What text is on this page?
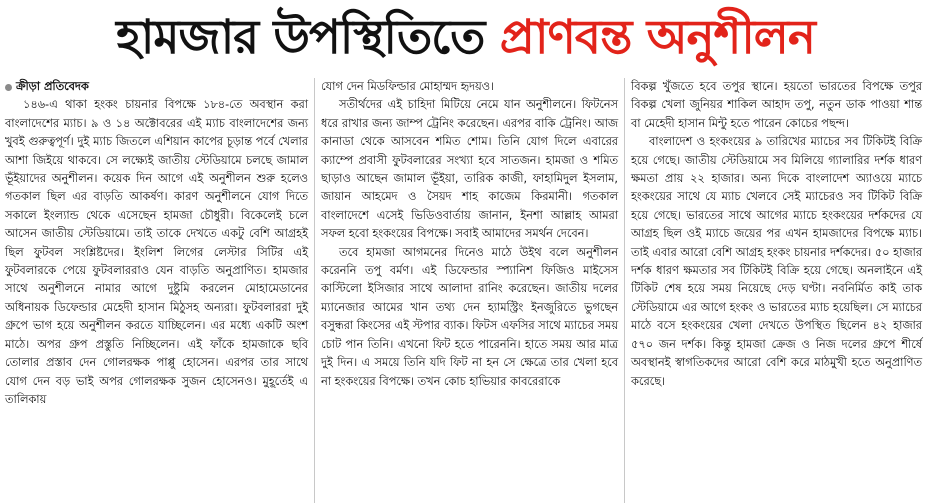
হামজার উপস্থিতিতে প্রাণবন্ত অনুশীলন
ক্রীড়া প্রতিবেদক

১৪৬-এ থাকা হংকং চায়নার বিপক্ষে ১৮৪-তে অবস্থান করা বাংলাদেশের ম্যাচ। ৯ ও ১৪ অক্টোবরের এই ম্যাচ বাংলাদেশের জন্য খুবই গুরুত্বপূর্ণ। দুই ম্যাচ জিতলে এশিয়ান কাপের চূড়ান্ত পর্বে খেলার আশা জিইয়ে থাকবে। সে লক্ষ্যেই জাতীয় স্টেডিয়ামে চলছে জামাল ভূঁইয়াদের অনুশীলন। কয়েক দিন আগে এই অনুশীলন শুরু হলেও গতকাল ছিল এর বাড়তি আকর্ষণ। কারণ অনুশীলনে যোগ দিতে সকালে ইংল্যান্ড থেকে এসেছেন হামজা চৌধুরী। বিকেলেই চলে আসেন জাতীয় স্টেডিয়ামে। তাই তাকে দেখতে একটু বেশি আগ্রহই ছিল ফুটবল সংশ্লিষ্টদের। ইংলিশ লিগের লেস্টার সিটির এই ফুটবলারকে পেয়ে ফুটবলাররাও যেন বাড়তি অনুপ্রাণিত। হামজার সাথে অনুশীলনে নামার আগে দুষ্টুমি করলেন মোহামেডানের অধিনায়ক ডিফেন্ডার মেহেদী হাসান মিঠুসহ অন্যরা। ফুটবলাররা দুই গ্রুপে ভাগ হয়ে অনুশীলন করতে যাচ্ছিলেন। এর মধ্যে একটি অংশ মাঠে। অপর গ্রুপ প্রস্তুতি নিচ্ছিলেন। এই ফাঁকে হামজাকে ছবি তোলার প্রস্তাব দেন গোলরক্ষক পাপ্পু হোসেন। এরপর তার সাথে যোগ দেন বড় ভাই অপর গোলরক্ষক সুজন হোসেনও। মুহূর্তেই এ তালিকায়

যোগ দেন মিডফিল্ডার মোহাম্মদ হৃদয়ও।

সতীর্থদের এই চাহিদা মিটিয়ে নেমে যান অনুশীলনে। ফিটনেস ধরে রাখার জন্য জাম্প ট্রেনিং করেছেন। এরপর বাকি ট্রেনিং। আজ কানাডা থেকে আসবেন শমিত শোম। তিনি যোগ দিলে এবারের ক্যাম্পে প্রবাসী ফুটবলারের সংখ্যা হবে সাতজন। হামজা ও শমিত ছাড়াও আছেন জামাল ভূঁইয়া, তারিক কাজী, ফাহামিদুল ইসলাম, জায়ান আহমেদ ও সৈয়দ শাহ কাজেম কিরমানী। গতকাল বাংলাদেশে এসেই ভিডিওবার্তায় জানান, ইনশা আল্লাহ আমরা সফল হবো হংকংয়ের বিপক্ষে। সবাই আমাদের সমর্থন দেবেন।

তবে হামজা আগমনের দিনেও মাঠে উইথ বলে অনুশীলন করেননি তপু বর্মণ। এই ডিফেন্ডার স্প্যানিশ ফিজিও মাইসেস কাস্টিলো ইসিজার সাথে আলাদা রানিং করেছেন। জাতীয় দলের ম্যানেজার আমের খান তথ্য দেন হ্যামস্ট্রিং ইনজুরিতে ভুগছেন বসুন্ধরা কিংসের এই স্টপার ব্যাক। ফিটস এফসির সাথে ম্যাচের সময় চোট পান তিনি। এখনো ফিট হতে পারেননি। হাতে সময় আর মাত্র দুই দিন। এ সময়ে তিনি যদি ফিট না হন সে ক্ষেত্রে তার খেলা হবে না হংকংয়ের বিপক্ষে। তখন কোচ হাভিয়ার কাবরেরাকে

বিকল্প খুঁজতে হবে তপুর স্থানে। হয়তো ভারতের বিপক্ষে তপুর বিকল্প খেলা জুনিয়র শাকিল আহাদ তপু, নতুন ডাক পাওয়া শান্ত বা মেহেদী হাসান মিন্টু হতে পারেন কোচের পছন্দ।

বাংলাদেশ ও হংকংয়ের ৯ তারিখের ম্যাচের সব টিকিটই বিক্রি হয়ে গেছে। জাতীয় স্টেডিয়ামে সব মিলিয়ে গ্যালারির দর্শক ধারণ ক্ষমতা প্রায় ২২ হাজার। অন্য দিকে বাংলাদেশ অ্যাওয়ে ম্যাচে হংকংয়ের সাথে যে ম্যাচ খেলবে সেই ম্যাচেরও সব টিকিট বিক্রি হয়ে গেছে। ভারতের সাথে আগের ম্যাচে হংকংয়ের দর্শকদের যে আগ্রহ ছিল ওই ম্যাচে জয়ের পর এখন হামজাদের বিপক্ষে ম্যাচ। তাই এবার আরো বেশি আগ্রহ হংকং চায়নার দর্শকদের। ৫০ হাজার দর্শক ধারণ ক্ষমতার সব টিকিটই বিক্রি হয়ে গেছে। অনলাইনে এই টিকিট শেষ হয়ে সময় নিয়েছে দেড় ঘণ্টা। নবনির্মিত কাই তাক স্টেডিয়ামে এর আগে হংকং ও ভারতের ম্যাচ হয়েছিল। সে ম্যাচের মাঠে বসে হংকংয়ের খেলা দেখতে উপস্থিত ছিলেন ৪২ হাজার ৫৭০ জন দর্শক। কিন্তু হামজা ক্রেজ ও নিজ দলের গ্রুপে শীর্ষে অবস্থানই স্বাগতিকদের আরো বেশি করে মাঠমুখী হতে অনুপ্রাণিত করেছে।
